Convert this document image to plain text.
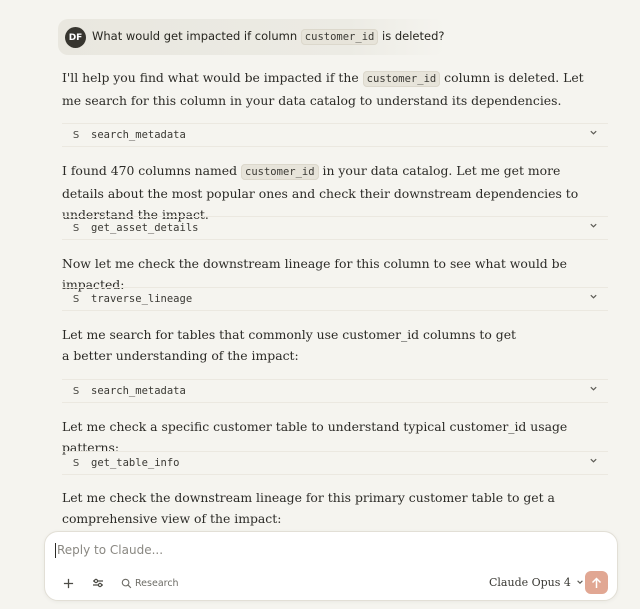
DF What would get impacted if column customer_id is deleted?
I'll help you find what would be impacted if the customer_id column is deleted. Let me search for this column in your data catalog to understand its dependencies.
S	search_metadata
I found 470 columns named customer_id in your data catalog. Let me get more details about the most popular ones and check their downstream dependencies to understand the impact.
S	get_asset_details
Now let me check the downstream lineage for this column to see what would be impacted:
S	traverse_lineage
Let me search for tables that commonly use customer_id columns to get a better understanding of the impact:
S	search_metadata
Let me check a specific customer table to understand typical customer_id usage patterns:
S	get_table_info
Let me check the downstream lineage for this primary customer table to get a comprehensive view of the impact:
Reply to Claude...
Research	Claude Opus 4
